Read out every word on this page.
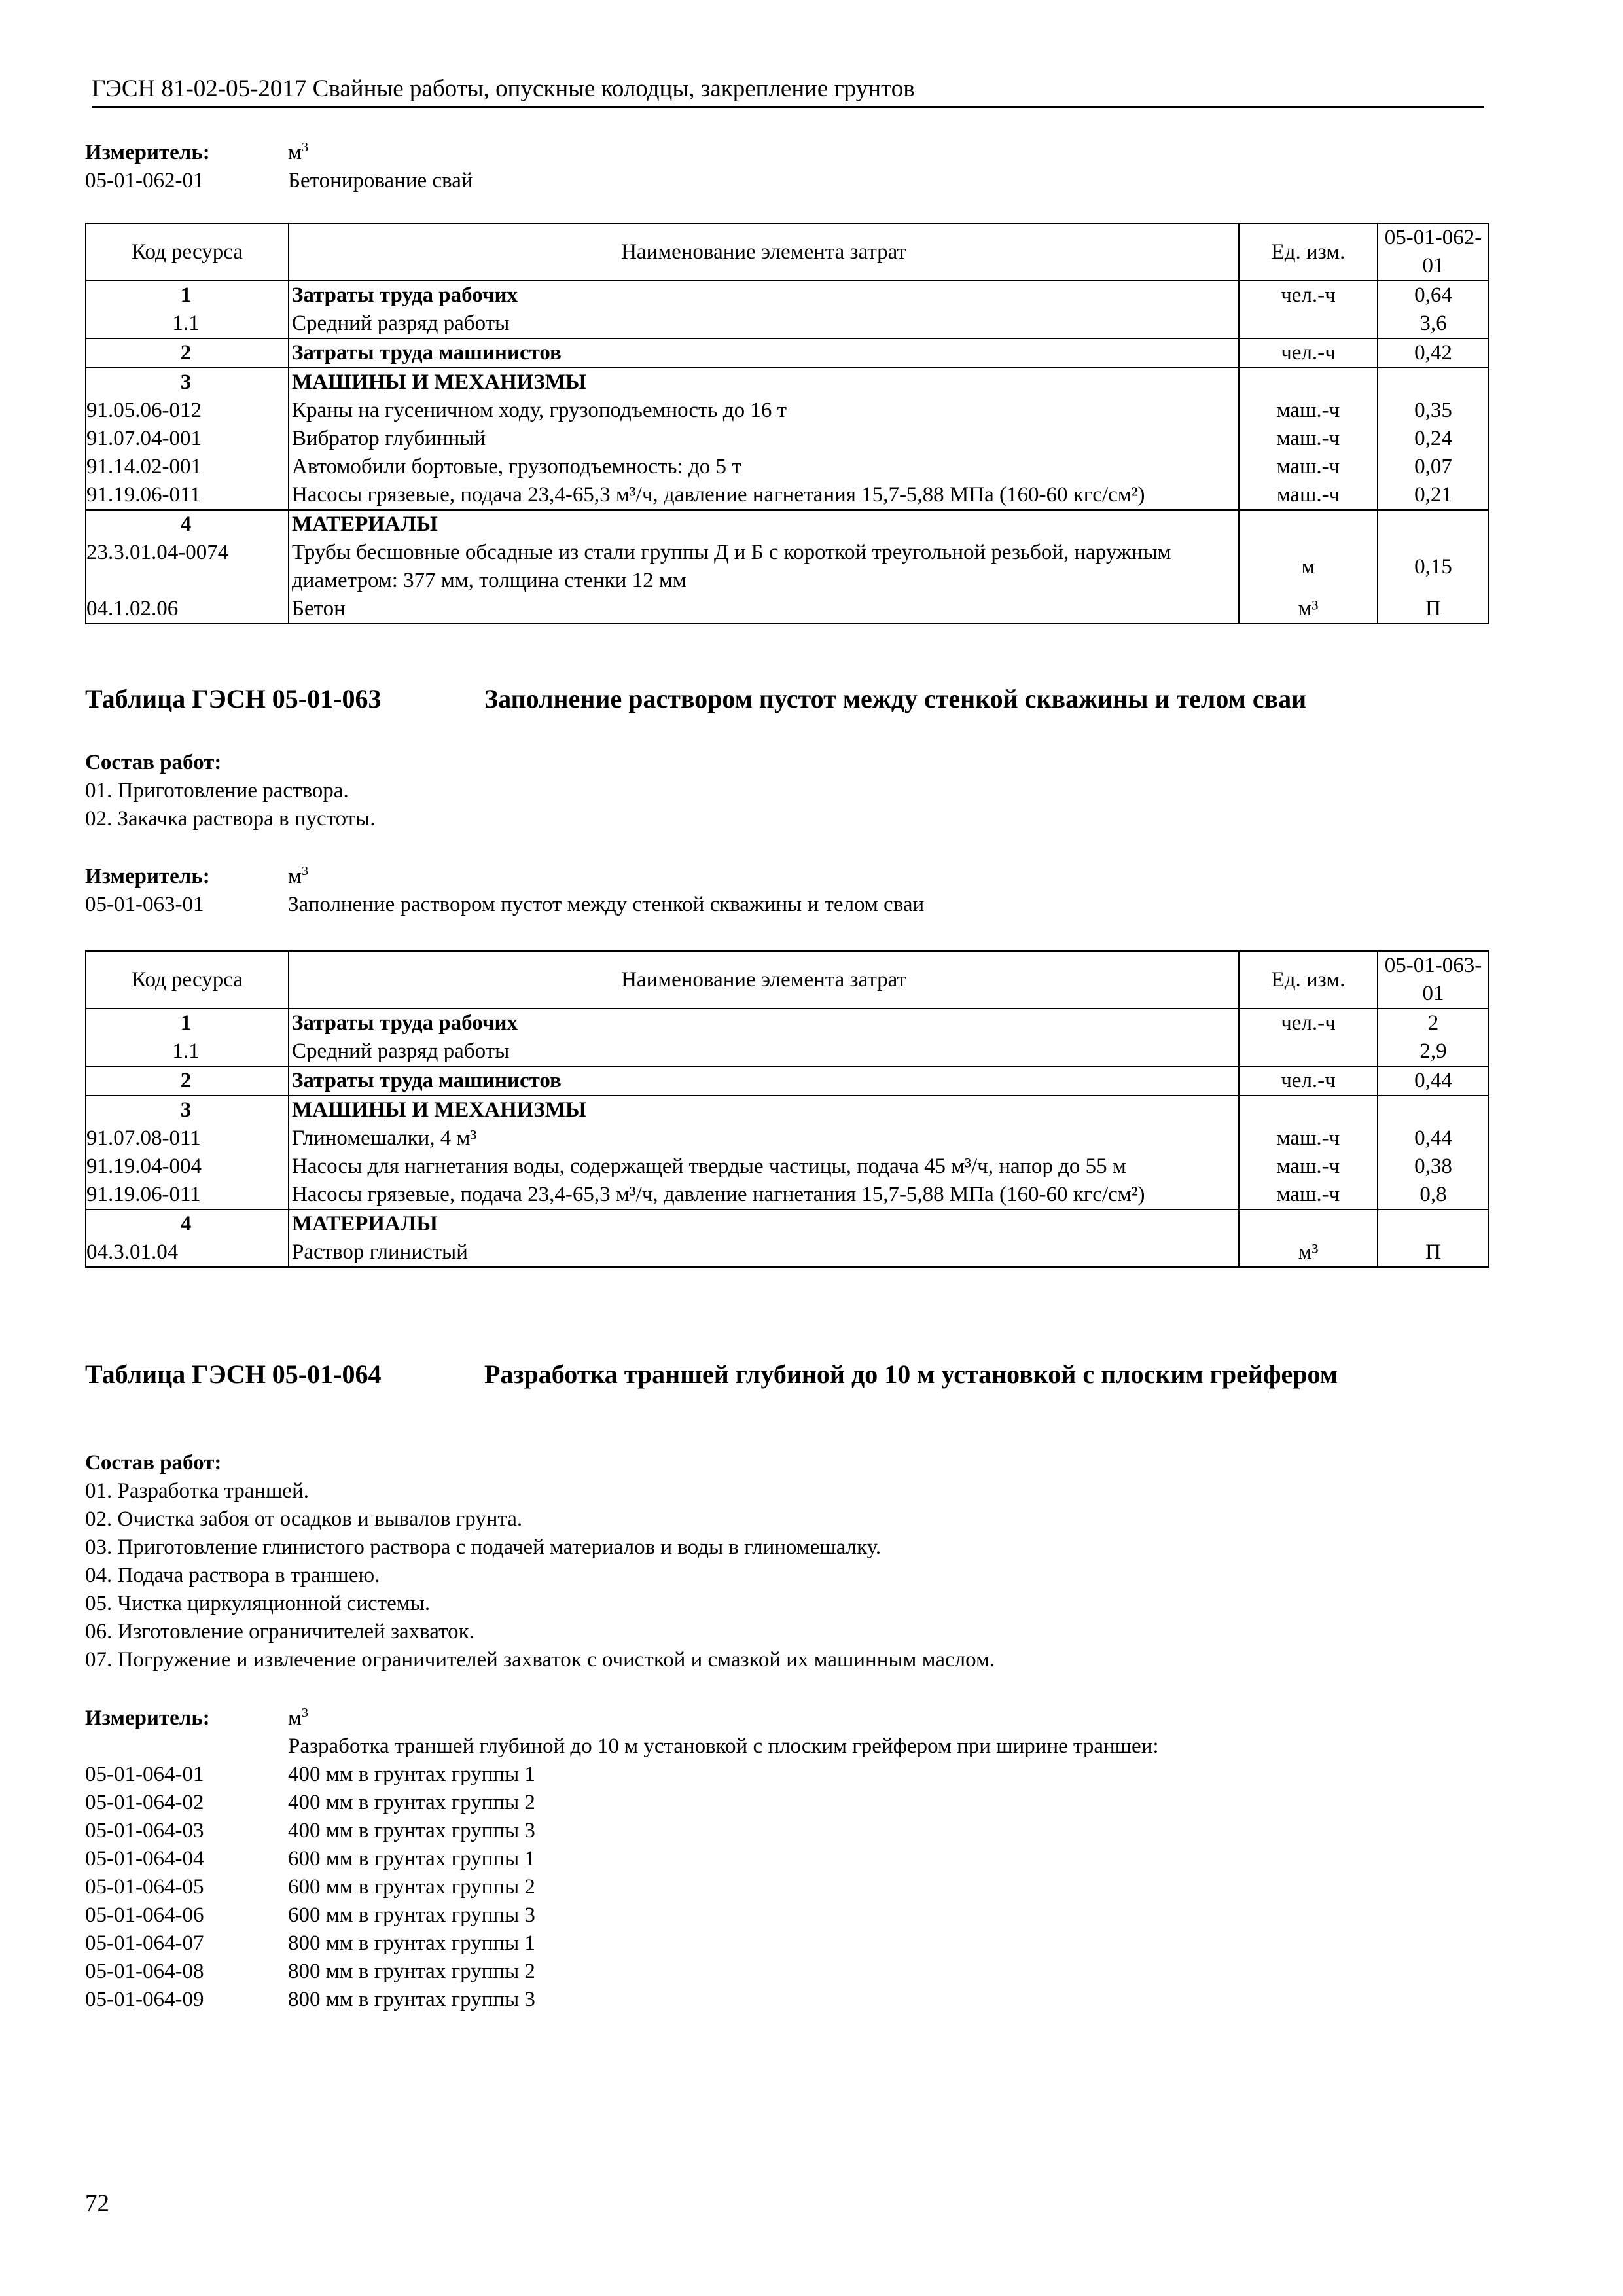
ГЭСН 81-02-05-2017 Свайные работы, опускные колодцы, закрепление грунтов
Измеритель:	$м^3$
05-01-062-01	Бетонирование свай
Код ресурса	Наименование элемента затрат	Ед. изм.	05-01-062-01
1	Затраты труда рабочих	чел.-ч	0,64
1.1	Средний разряд работы		3,6
2	Затраты труда машинистов	чел.-ч	0,42
3	МАШИНЫ И МЕХАНИЗМЫ		
91.05.06-012	Краны на гусеничном ходу, грузоподъемность до 16 т	маш.-ч	0,35
91.07.04-001	Вибратор глубинный	маш.-ч	0,24
91.14.02-001	Автомобили бортовые, грузоподъемность: до 5 т	маш.-ч	0,07
91.19.06-011	Насосы грязевые, подача 23,4-65,3 м³/ч, давление нагнетания 15,7-5,88 МПа (160-60 кгс/см²)	маш.-ч	0,21
4	МАТЕРИАЛЫ		
23.3.01.04-0074	Трубы бесшовные обсадные из стали группы Д и Б с короткой треугольной резьбой, наружным диаметром: 377 мм, толщина стенки 12 мм	м	0,15
04.1.02.06	Бетон	м³	П
Таблица ГЭСН 05-01-063	Заполнение раствором пустот между стенкой скважины и телом сваи
Состав работ:
01. Приготовление раствора.
02. Закачка раствора в пустоты.
Измеритель:	$м^3$
05-01-063-01	Заполнение раствором пустот между стенкой скважины и телом сваи
Код ресурса	Наименование элемента затрат	Ед. изм.	05-01-063-01
1	Затраты труда рабочих	чел.-ч	2
1.1	Средний разряд работы		2,9
2	Затраты труда машинистов	чел.-ч	0,44
3	МАШИНЫ И МЕХАНИЗМЫ		
91.07.08-011	Глиномешалки, 4 м³	маш.-ч	0,44
91.19.04-004	Насосы для нагнетания воды, содержащей твердые частицы, подача 45 м³/ч, напор до 55 м	маш.-ч	0,38
91.19.06-011	Насосы грязевые, подача 23,4-65,3 м³/ч, давление нагнетания 15,7-5,88 МПа (160-60 кгс/см²)	маш.-ч	0,8
4	МАТЕРИАЛЫ		
04.3.01.04	Раствор глинистый	м³	П
Таблица ГЭСН 05-01-064	Разработка траншей глубиной до 10 м установкой с плоским грейфером
Состав работ:
01. Разработка траншей.
02. Очистка забоя от осадков и вывалов грунта.
03. Приготовление глинистого раствора с подачей материалов и воды в глиномешалку.
04. Подача раствора в траншею.
05. Чистка циркуляционной системы.
06. Изготовление ограничителей захваток.
07. Погружение и извлечение ограничителей захваток с очисткой и смазкой их машинным маслом.
Измеритель:	$м^3$
Разработка траншей глубиной до 10 м установкой с плоским грейфером при ширине траншеи:
05-01-064-01	400 мм в грунтах группы 1
05-01-064-02	400 мм в грунтах группы 2
05-01-064-03	400 мм в грунтах группы 3
05-01-064-04	600 мм в грунтах группы 1
05-01-064-05	600 мм в грунтах группы 2
05-01-064-06	600 мм в грунтах группы 3
05-01-064-07	800 мм в грунтах группы 1
05-01-064-08	800 мм в грунтах группы 2
05-01-064-09	800 мм в грунтах группы 3
72
